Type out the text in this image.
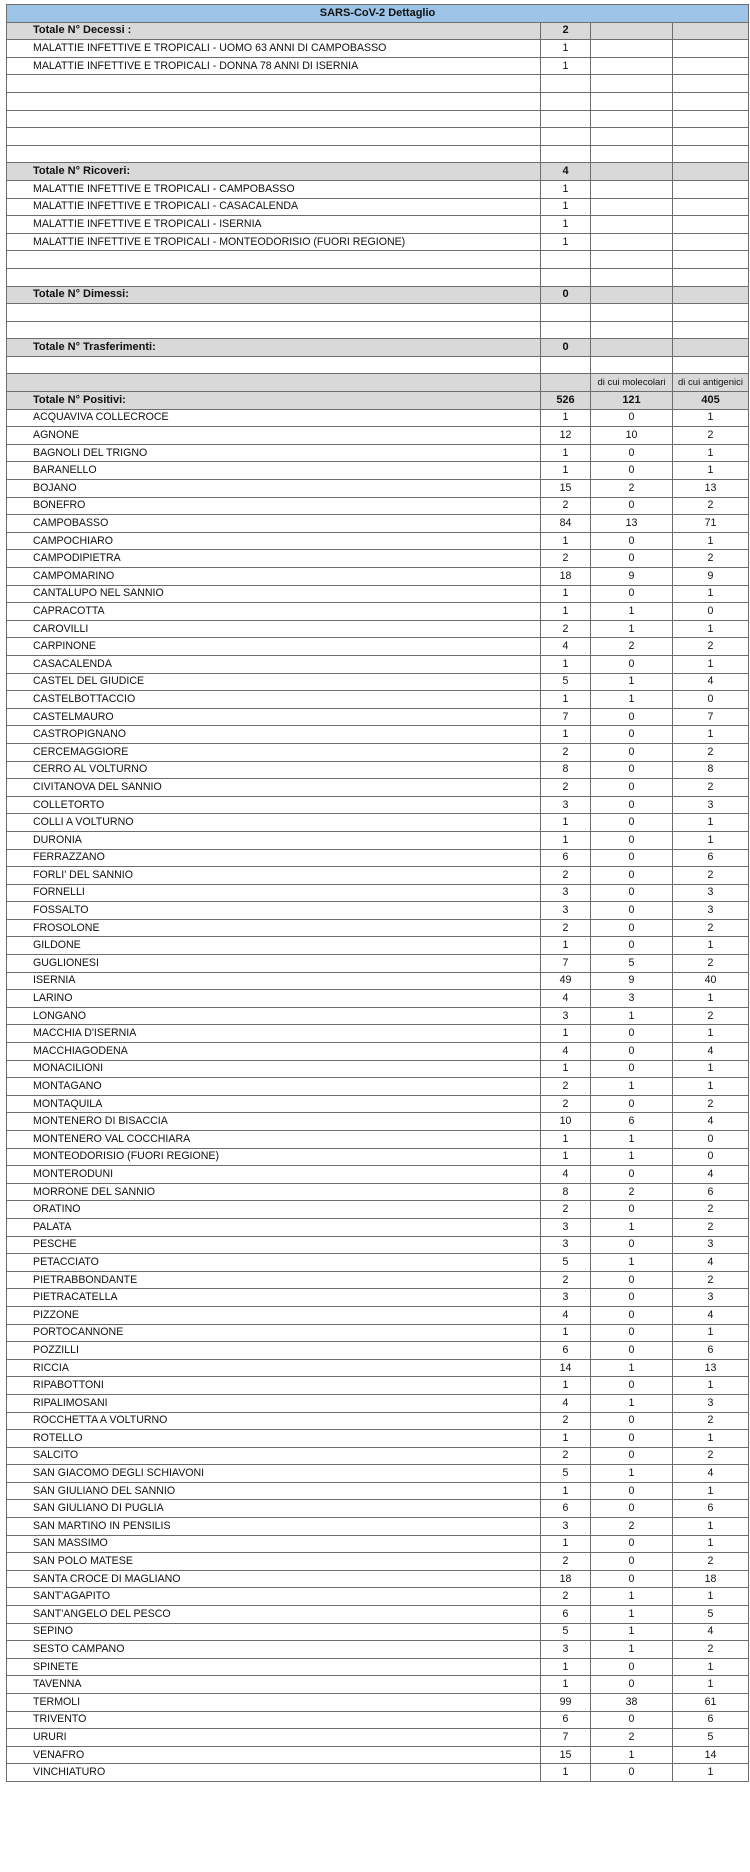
SARS-CoV-2 Dettaglio			
Totale N° Decessi :	2		
MALATTIE INFETTIVE E TROPICALI - UOMO 63 ANNI DI CAMPOBASSO	1		
MALATTIE INFETTIVE E TROPICALI - DONNA 78 ANNI DI ISERNIA	1		

Totale N° Ricoveri:	4		
MALATTIE INFETTIVE E TROPICALI - CAMPOBASSO	1		
MALATTIE INFETTIVE E TROPICALI - CASACALENDA	1		
MALATTIE INFETTIVE E TROPICALI - ISERNIA	1		
MALATTIE INFETTIVE E TROPICALI - MONTEODORISIO (FUORI REGIONE)	1		

Totale N° Dimessi:	0		

Totale N° Trasferimenti:	0		

		di cui molecolari	di cui antigenici
Totale N° Positivi:	526	121	405
ACQUAVIVA COLLECROCE	1	0	1
AGNONE	12	10	2
BAGNOLI DEL TRIGNO	1	0	1
BARANELLO	1	0	1
BOJANO	15	2	13
BONEFRO	2	0	2
CAMPOBASSO	84	13	71
CAMPOCHIARO	1	0	1
CAMPODIPIETRA	2	0	2
CAMPOMARINO	18	9	9
CANTALUPO NEL SANNIO	1	0	1
CAPRACOTTA	1	1	0
CAROVILLI	2	1	1
CARPINONE	4	2	2
CASACALENDA	1	0	1
CASTEL DEL GIUDICE	5	1	4
CASTELBOTTACCIO	1	1	0
CASTELMAURO	7	0	7
CASTROPIGNANO	1	0	1
CERCEMAGGIORE	2	0	2
CERRO AL VOLTURNO	8	0	8
CIVITANOVA DEL SANNIO	2	0	2
COLLETORTO	3	0	3
COLLI A VOLTURNO	1	0	1
DURONIA	1	0	1
FERRAZZANO	6	0	6
FORLI' DEL SANNIO	2	0	2
FORNELLI	3	0	3
FOSSALTO	3	0	3
FROSOLONE	2	0	2
GILDONE	1	0	1
GUGLIONESI	7	5	2
ISERNIA	49	9	40
LARINO	4	3	1
LONGANO	3	1	2
MACCHIA D'ISERNIA	1	0	1
MACCHIAGODENA	4	0	4
MONACILIONI	1	0	1
MONTAGANO	2	1	1
MONTAQUILA	2	0	2
MONTENERO DI BISACCIA	10	6	4
MONTENERO VAL COCCHIARA	1	1	0
MONTEODORISIO (FUORI REGIONE)	1	1	0
MONTERODUNI	4	0	4
MORRONE DEL SANNIO	8	2	6
ORATINO	2	0	2
PALATA	3	1	2
PESCHE	3	0	3
PETACCIATO	5	1	4
PIETRABBONDANTE	2	0	2
PIETRACATELLA	3	0	3
PIZZONE	4	0	4
PORTOCANNONE	1	0	1
POZZILLI	6	0	6
RICCIA	14	1	13
RIPABOTTONI	1	0	1
RIPALIMOSANI	4	1	3
ROCCHETTA A VOLTURNO	2	0	2
ROTELLO	1	0	1
SALCITO	2	0	2
SAN GIACOMO DEGLI SCHIAVONI	5	1	4
SAN GIULIANO DEL SANNIO	1	0	1
SAN GIULIANO DI PUGLIA	6	0	6
SAN MARTINO IN PENSILIS	3	2	1
SAN MASSIMO	1	0	1
SAN POLO MATESE	2	0	2
SANTA CROCE DI MAGLIANO	18	0	18
SANT'AGAPITO	2	1	1
SANT'ANGELO DEL PESCO	6	1	5
SEPINO	5	1	4
SESTO CAMPANO	3	1	2
SPINETE	1	0	1
TAVENNA	1	0	1
TERMOLI	99	38	61
TRIVENTO	6	0	6
URURI	7	2	5
VENAFRO	15	1	14
VINCHIATURO	1	0	1
